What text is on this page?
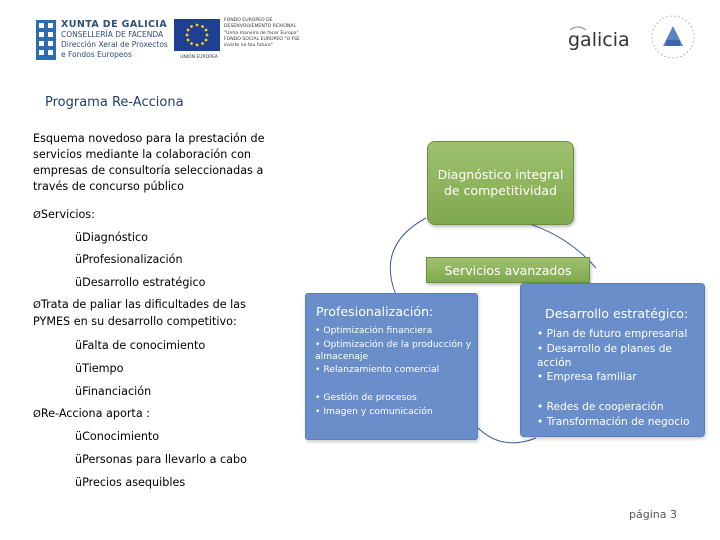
XUNTA DE GALICIA
CONSELLERÍA DE FACENDA
Dirección Xeral de Proxectos
e Fondos Europeos	UNIÓN EUROPEA
FONDO EUROPEO DE DESENVOLVEMENTO REXIONAL "Unha maneira de facer Europa" FONDO SOCIAL EUROPEO "O FSE inviste no teu futuro"	galicia
Programa Re-Acciona
Esquema novedoso para la prestación de servicios mediante la colaboración con empresas de consultoría seleccionadas a través de concurso público
ØServicios:
üDiagnóstico
üProfesionalización
üDesarrollo estratégico
ØTrata de paliar las dificultades de las PYMES en su desarrollo competitivo:
üFalta de conocimiento
üTiempo
üFinanciación
ØRe-Acciona aporta :
üConocimiento
üPersonas para llevarlo a cabo
üPrecios asequibles
Diagnóstico integral de competitividad
Servicios avanzados
Profesionalización:
• Optimización financiera
• Optimización de la producción y almacenaje
• Relanzamiento comercial
• Gestión de procesos
• Imagen y comunicación
Desarrollo estratégico:
• Plan de futuro empresarial
• Desarrollo de planes de acción
• Empresa familiar
• Redes de cooperación
• Transformación de negocio
página 3
